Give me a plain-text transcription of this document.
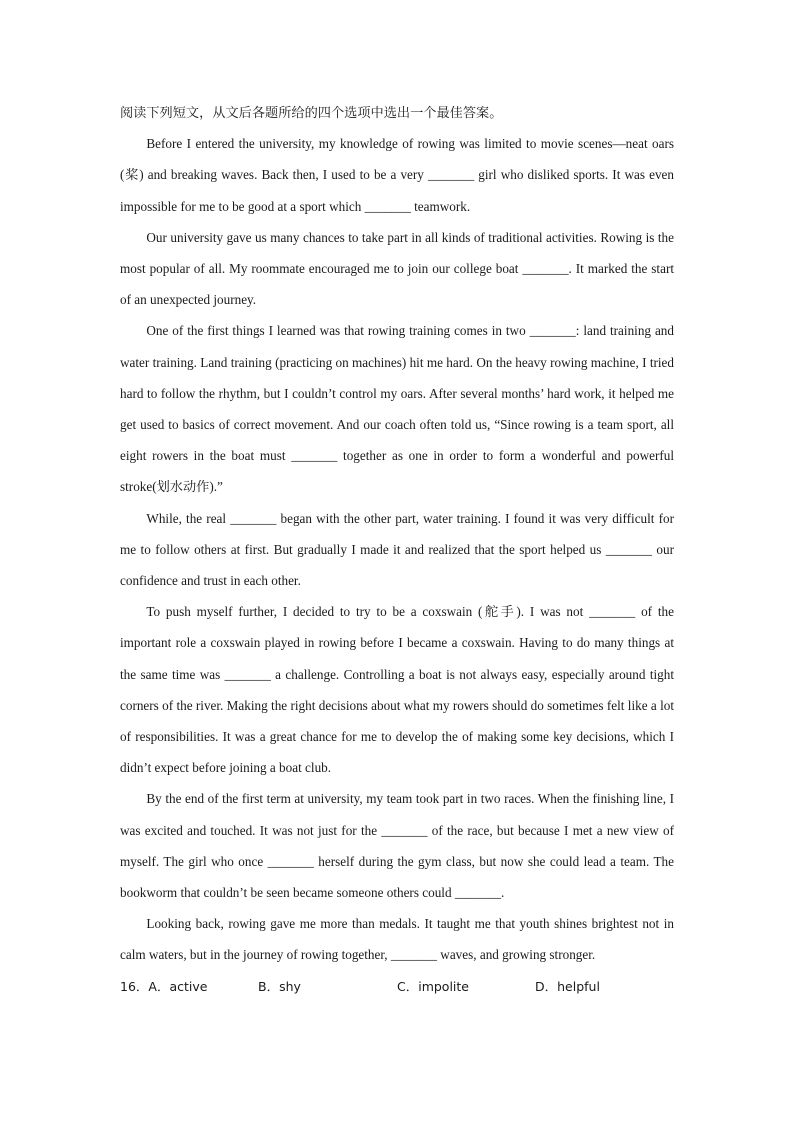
阅读下列短文，从文后各题所给的四个选项中选出一个最佳答案。

Before I entered the university, my knowledge of rowing was limited to movie scenes—neat oars (桨) and breaking waves. Back then, I used to be a very _______ girl who disliked sports. It was even impossible for me to be good at a sport which _______ teamwork.

Our university gave us many chances to take part in all kinds of traditional activities. Rowing is the most popular of all. My roommate encouraged me to join our college boat _______. It marked the start of an unexpected journey.

One of the first things I learned was that rowing training comes in two _______: land training and water training. Land training (practicing on machines) hit me hard. On the heavy rowing machine, I tried hard to follow the rhythm, but I couldn’t control my oars. After several months’ hard work, it helped me get used to basics of correct movement. And our coach often told us, “Since rowing is a team sport, all eight rowers in the boat must _______ together as one in order to form a wonderful and powerful stroke(划水动作).”

While, the real _______ began with the other part, water training. I found it was very difficult for me to follow others at first. But gradually I made it and realized that the sport helped us _______ our confidence and trust in each other.

To push myself further, I decided to try to be a coxswain (舵手). I was not _______ of the important role a coxswain played in rowing before I became a coxswain. Having to do many things at the same time was _______ a challenge. Controlling a boat is not always easy, especially around tight corners of the river. Making the right decisions about what my rowers should do sometimes felt like a lot of responsibilities. It was a great chance for me to develop the of making some key decisions, which I didn’t expect before joining a boat club.

By the end of the first term at university, my team took part in two races. When the finishing line, I was excited and touched. It was not just for the _______ of the race, but because I met a new view of myself. The girl who once _______ herself during the gym class, but now she could lead a team. The bookworm that couldn’t be seen became someone others could _______.

Looking back, rowing gave me more than medals. It taught me that youth shines brightest not in calm waters, but in the journey of rowing together, _______ waves, and growing stronger.

16．A．active	B．shy	C．impolite	D．helpful
